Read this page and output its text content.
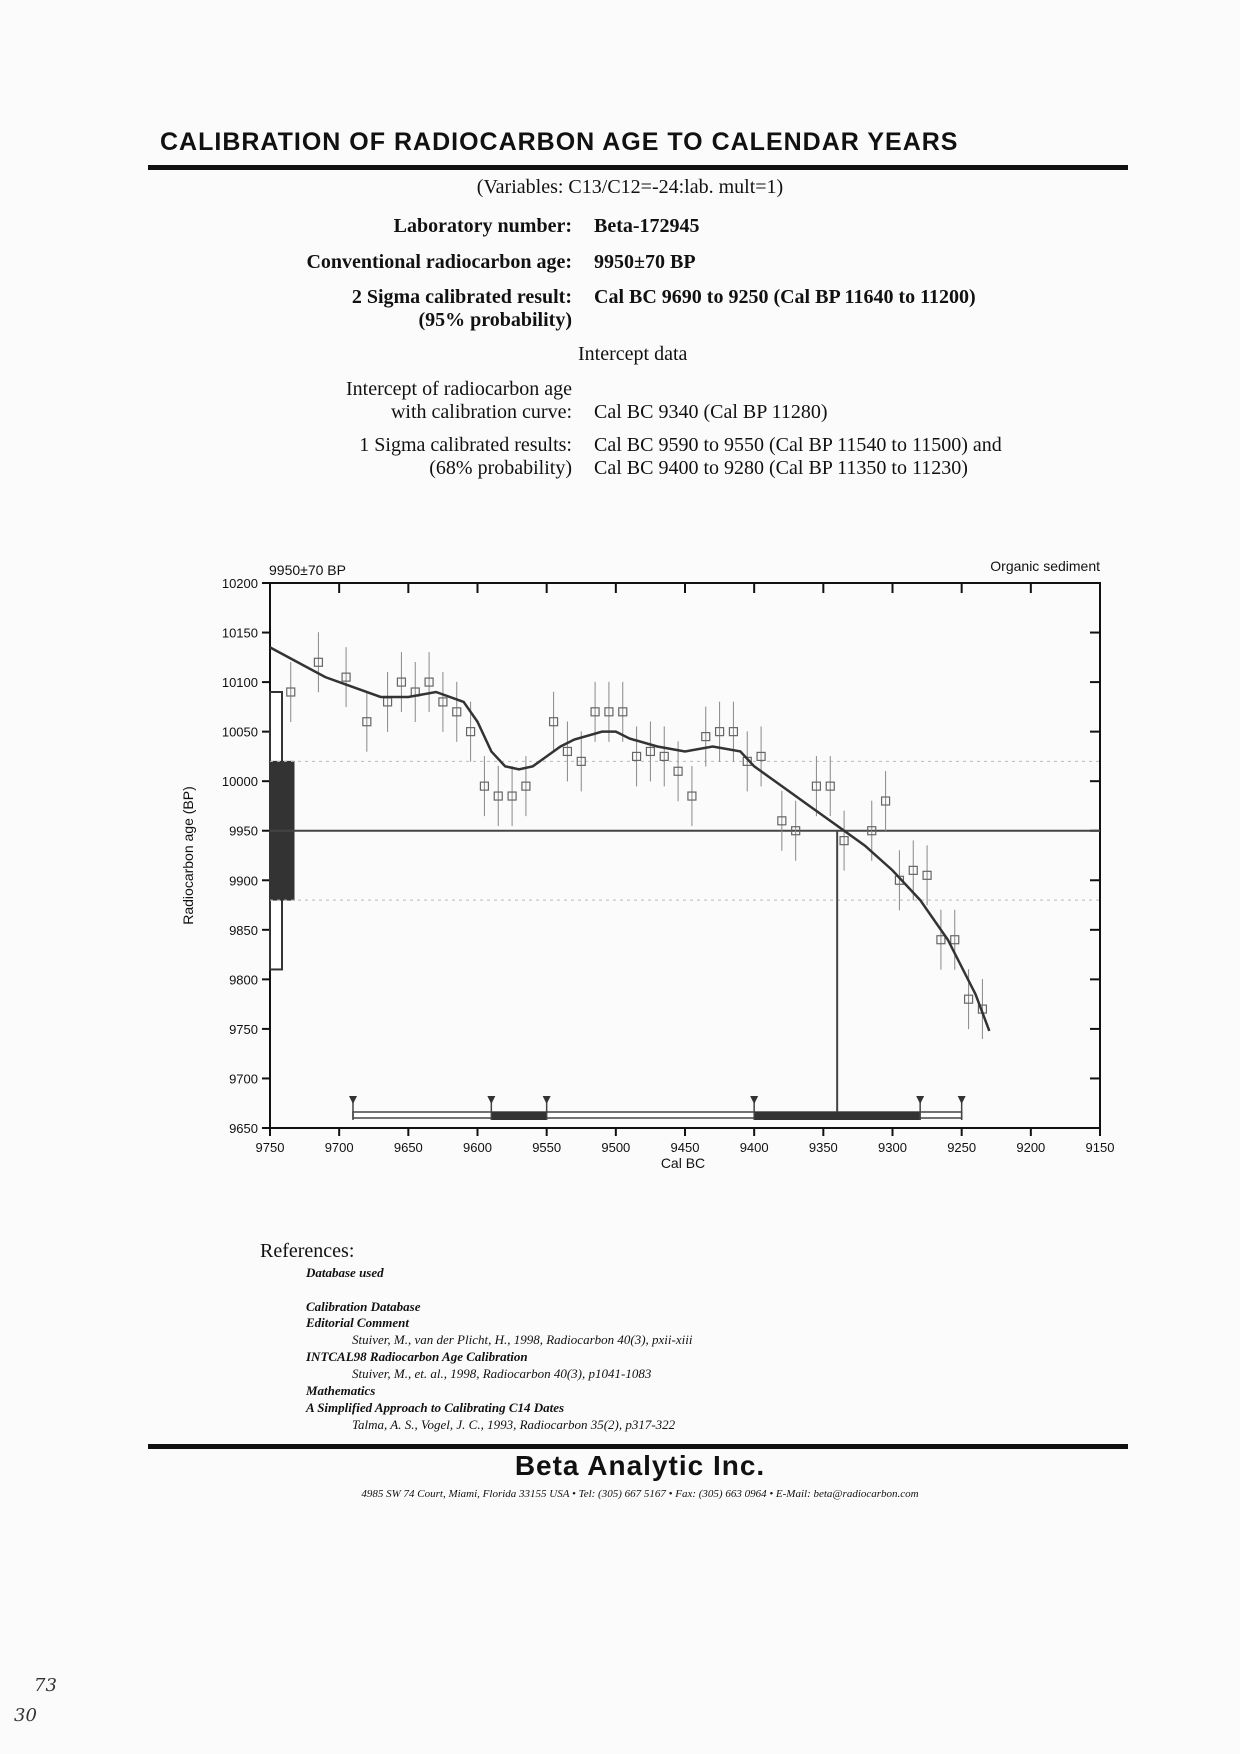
CALIBRATION OF RADIOCARBON AGE TO CALENDAR YEARS
(Variables: C13/C12=-24:lab. mult=1)
Laboratory number: Beta-172945
Conventional radiocarbon age: 9950±70 BP
2 Sigma calibrated result:
(95% probability)
Cal BC 9690 to 9250 (Cal BP 11640 to 11200)
Intercept data
Intercept of radiocarbon age
with calibration curve: Cal BC 9340 (Cal BP 11280)
1 Sigma calibrated results:
(68% probability)
Cal BC 9590 to 9550 (Cal BP 11540 to 11500) and
Cal BC 9400 to 9280 (Cal BP 11350 to 11230)
10200
10150
10100
10050
10000
9950
9900
9850
9800
9750
9700
9650
9750	9700	9650	9600	9550	9500	9450	9400	9350	9300	9250	9200	9150
9950±70 BP	Organic sediment
Cal BC
Radiocarbon age (BP)
References:
Database used
Calibration Database
Editorial Comment
Stuiver, M., van der Plicht, H., 1998, Radiocarbon 40(3), pxii-xiii
INTCAL98 Radiocarbon Age Calibration
Stuiver, M., et. al., 1998, Radiocarbon 40(3), p1041-1083
Mathematics
A Simplified Approach to Calibrating C14 Dates
Talma, A. S., Vogel, J. C., 1993, Radiocarbon 35(2), p317-322
Beta Analytic Inc.
4985 SW 74 Court, Miami, Florida 33155 USA • Tel: (305) 667 5167 • Fax: (305) 663 0964 • E-Mail: beta@radiocarbon.com
73
30
